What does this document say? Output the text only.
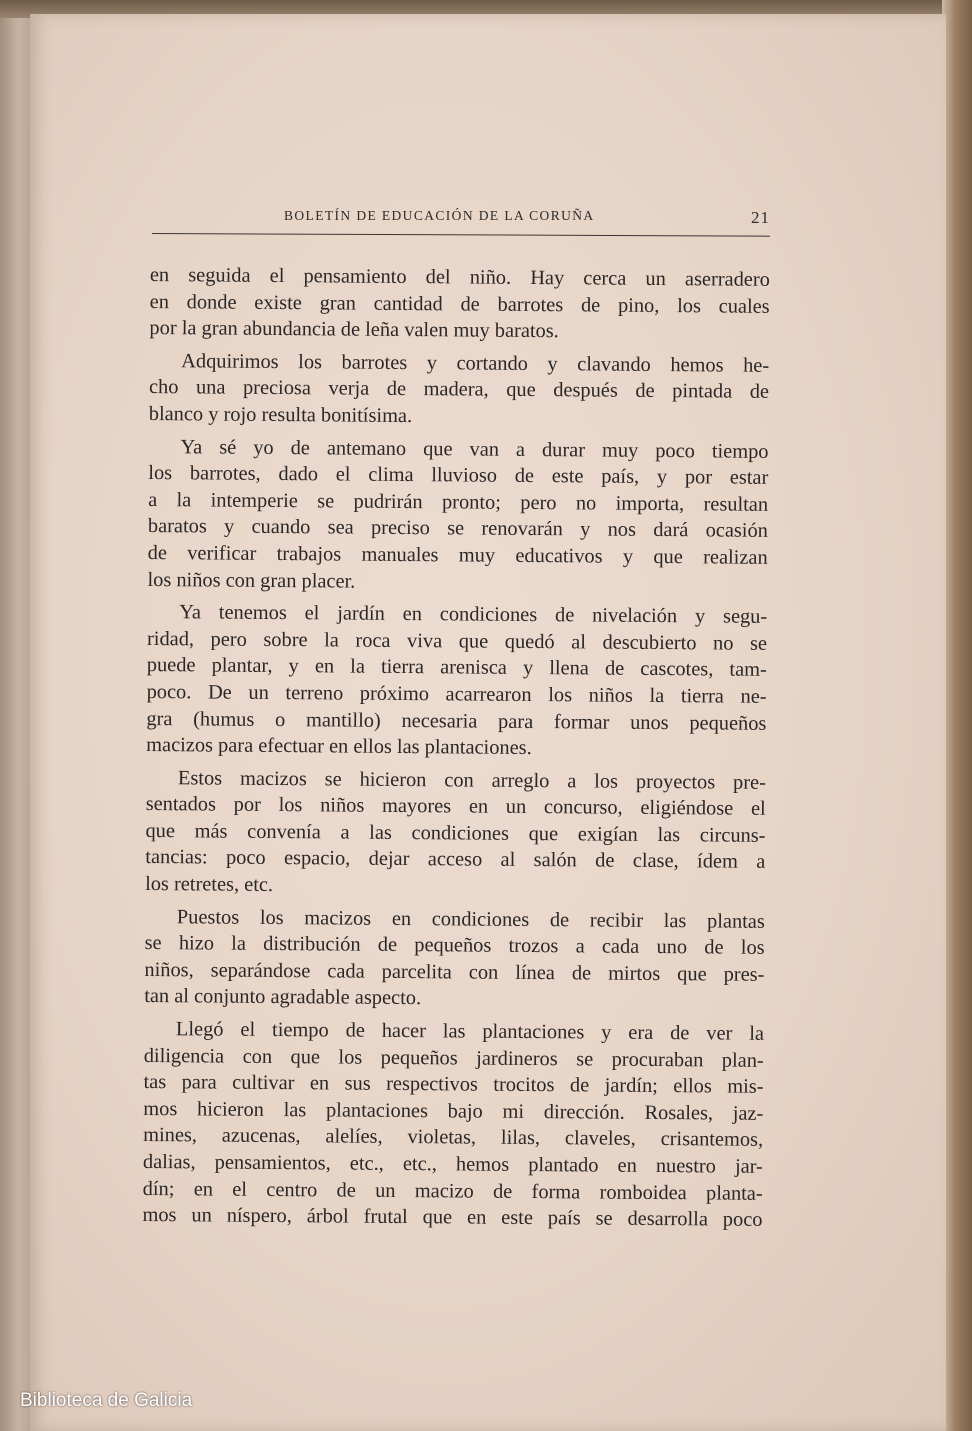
BOLETÍN DE EDUCACIÓN DE LA CORUÑA	21

en seguida el pensamiento del niño. Hay cerca un aserradero
en donde existe gran cantidad de barrotes de pino, los cuales
por la gran abundancia de leña valen muy baratos.

Adquirimos los barrotes y cortando y clavando hemos he-
cho una preciosa verja de madera, que después de pintada de
blanco y rojo resulta bonitísima.

Ya sé yo de antemano que van a durar muy poco tiempo
los barrotes, dado el clima lluvioso de este país, y por estar
a la intemperie se pudrirán pronto; pero no importa, resultan
baratos y cuando sea preciso se renovarán y nos dará ocasión
de verificar trabajos manuales muy educativos y que realizan
los niños con gran placer.

Ya tenemos el jardín en condiciones de nivelación y segu-
ridad, pero sobre la roca viva que quedó al descubierto no se
puede plantar, y en la tierra arenisca y llena de cascotes, tam-
poco. De un terreno próximo acarrearon los niños la tierra ne-
gra (humus o mantillo) necesaria para formar unos pequeños
macizos para efectuar en ellos las plantaciones.

Estos macizos se hicieron con arreglo a los proyectos pre-
sentados por los niños mayores en un concurso, eligiéndose el
que más convenía a las condiciones que exigían las circuns-
tancias: poco espacio, dejar acceso al salón de clase, ídem a
los retretes, etc.

Puestos los macizos en condiciones de recibir las plantas
se hizo la distribución de pequeños trozos a cada uno de los
niños, separándose cada parcelita con línea de mirtos que pres-
tan al conjunto agradable aspecto.

Llegó el tiempo de hacer las plantaciones y era de ver la
diligencia con que los pequeños jardineros se procuraban plan-
tas para cultivar en sus respectivos trocitos de jardín; ellos mis-
mos hicieron las plantaciones bajo mi dirección. Rosales, jaz-
mines, azucenas, alelíes, violetas, lilas, claveles, crisantemos,
dalias, pensamientos, etc., etc., hemos plantado en nuestro jar-
dín; en el centro de un macizo de forma romboidea planta-
mos un níspero, árbol frutal que en este país se desarrolla poco

Biblioteca de Galicia
